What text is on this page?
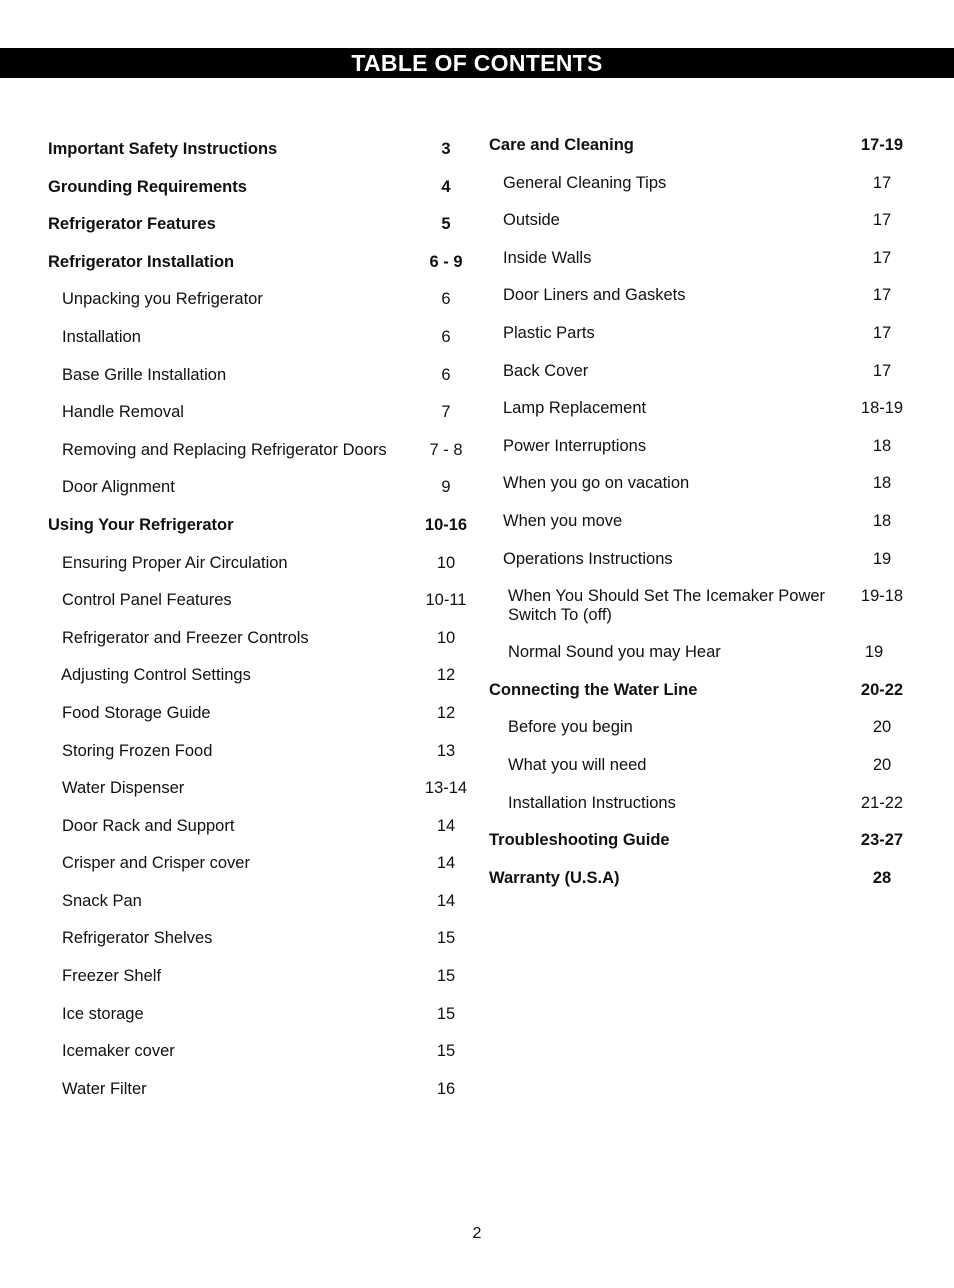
TABLE OF CONTENTS
Important Safety Instructions	3
Grounding Requirements	4
Refrigerator Features	5
Refrigerator Installation	6 - 9
Unpacking you Refrigerator	6
Installation	6
Base Grille Installation	6
Handle Removal	7
Removing and Replacing Refrigerator Doors	7 - 8
Door Alignment	9
Using Your Refrigerator	10-16
Ensuring Proper Air Circulation	10
Control Panel Features	10-11
Refrigerator and Freezer Controls	10
Adjusting Control Settings	12
Food Storage Guide	12
Storing Frozen Food	13
Water Dispenser	13-14
Door Rack and Support	14
Crisper and Crisper cover	14
Snack Pan	14
Refrigerator Shelves	15
Freezer Shelf	15
Ice storage	15
Icemaker cover	15
Water Filter	16
Care and Cleaning	17-19
General Cleaning Tips	17
Outside	17
Inside Walls	17
Door Liners and Gaskets	17
Plastic Parts	17
Back Cover	17
Lamp Replacement	18-19
Power Interruptions	18
When you go on vacation	18
When you move	18
Operations Instructions	19
When You Should Set The Icemaker Power Switch To (off)
19-18
Normal Sound you may Hear	19
Connecting the Water Line	20-22
Before you begin	20
What you will need	20
Installation Instructions	21-22
Troubleshooting Guide	23-27
Warranty (U.S.A)	28
2
